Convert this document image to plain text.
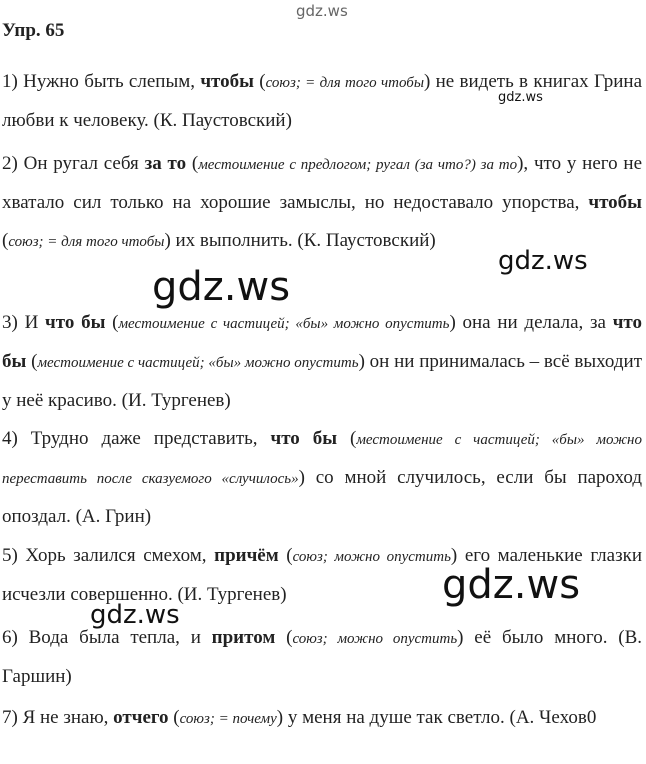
gdz.ws
Упр. 65
1) Нужно быть слепым, чтобы (союз; = для того чтобы) не видеть в книгах Грина любви к человеку. (К. Паустовский)
2) Он ругал себя за то (местоимение с предлогом; ругал (за что?) за то), что у него не хватало сил только на хорошие замыслы, но недоставало упорства, чтобы (союз; = для того чтобы) их выполнить. (К. Паустовский)
3) И что бы (местоимение с частицей; «бы» можно опустить) она ни делала, за что бы (местоимение с частицей; «бы» можно опустить) он ни принималась – всё выходит у неё красиво. (И. Тургенев)
4) Трудно даже представить, что бы (местоимение с частицей; «бы» можно переставить после сказуемого «случилось») со мной случилось, если бы пароход опоздал. (А. Грин)
5) Хорь залился смехом, причём (союз; можно опустить) его маленькие глазки исчезли совершенно. (И. Тургенев)
6) Вода была тепла, и притом (союз; можно опустить) её было много. (В. Гаршин)
7) Я не знаю, отчего (союз; = почему) у меня на душе так светло. (А. Чехов0
gdz.ws
gdz.ws
gdz.ws
gdz.ws
gdz.ws
